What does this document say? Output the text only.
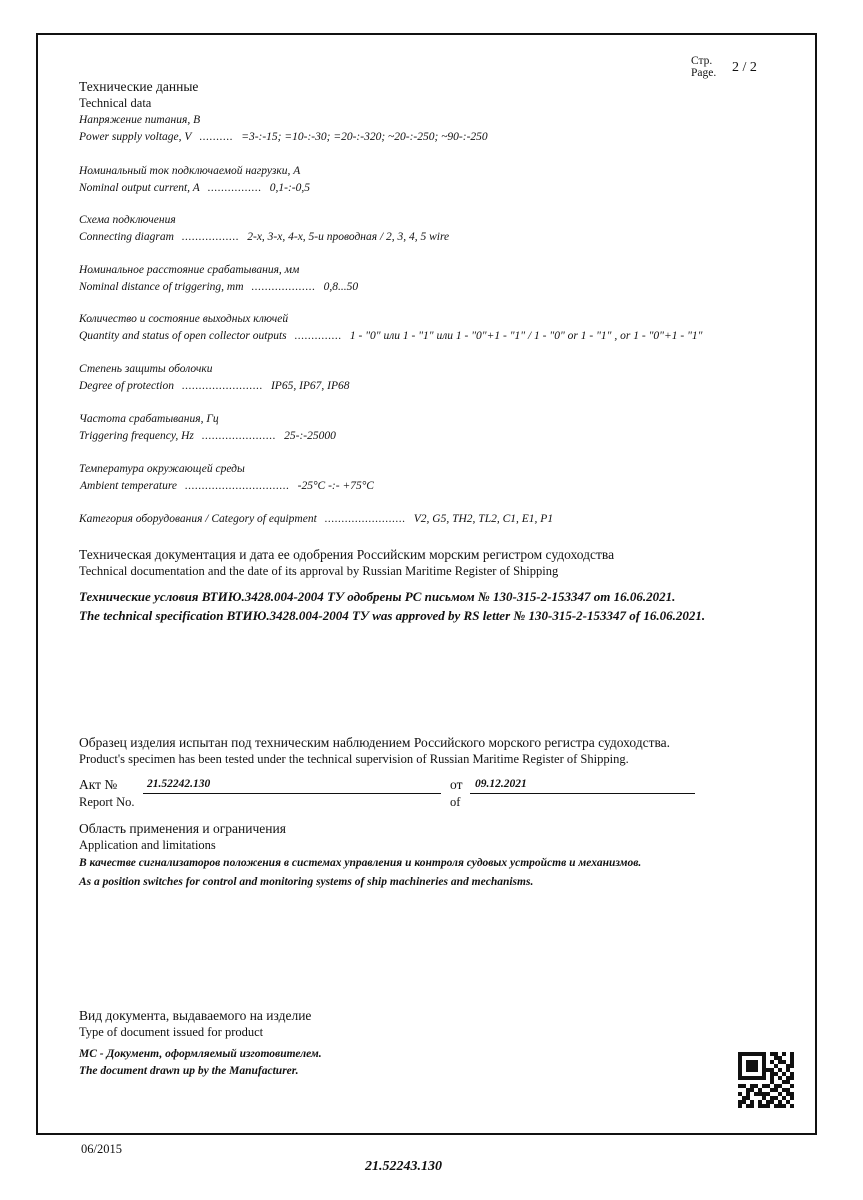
Стр.
Page. 2 / 2
Технические данные
Technical data
Напряжение питания, В
Power supply voltage, V .......... =3-:-15; =10-:-30; =20-:-320; ~20-:-250; ~90-:-250
Номинальный ток подключаемой нагрузки, А
Nominal output current, A ................ 0,1-:-0,5
Схема подключения
Connecting diagram ................. 2-х, 3-х, 4-х, 5-и проводная / 2, 3, 4, 5 wire
Номинальное расстояние срабатывания, мм
Nominal distance of triggering, mm ................... 0,8...50
Количество и состояние выходных ключей
Quantity and status of open collector outputs .............. 1 - "0" или 1 - "1" или 1 - "0"+1 - "1" / 1 - "0" or 1 - "1" , or 1 - "0"+1 - "1"
Степень защиты оболочки
Degree of protection ........................ IP65, IP67, IP68
Частота срабатывания, Гц
Triggering frequency, Hz ...................... 25-:-25000
Температура окружающей среды
Ambient temperature ............................... -25°C -:- +75°C
Категория оборудования / Category of equipment ........................ V2, G5, TH2, TL2, C1, E1, P1
Техническая документация и дата ее одобрения Российским морским регистром судоходства
Technical documentation and the date of its approval by Russian Maritime Register of Shipping
Технические условия ВТИЮ.3428.004-2004 ТУ одобрены РС письмом № 130-315-2-153347 от 16.06.2021.
The technical specification ВТИЮ.3428.004-2004 ТУ was approved by RS letter № 130-315-2-153347 of 16.06.2021.
Образец изделия испытан под техническим наблюдением Российского морского регистра судоходства.
Product's specimen has been tested under the technical supervision of Russian Maritime Register of Shipping.
Акт №
Report No.
21.52242.130	от
of
09.12.2021
Область применения и ограничения
Application and limitations
В качестве сигнализаторов положения в системах управления и контроля судовых устройств и механизмов.
As a position switches for control and monitoring systems of ship machineries and mechanisms.
Вид документа, выдаваемого на изделие
Type of document issued for product
МС - Документ, оформляемый изготовителем.
The document drawn up by the Manufacturer.
06/2015
21.52243.130
